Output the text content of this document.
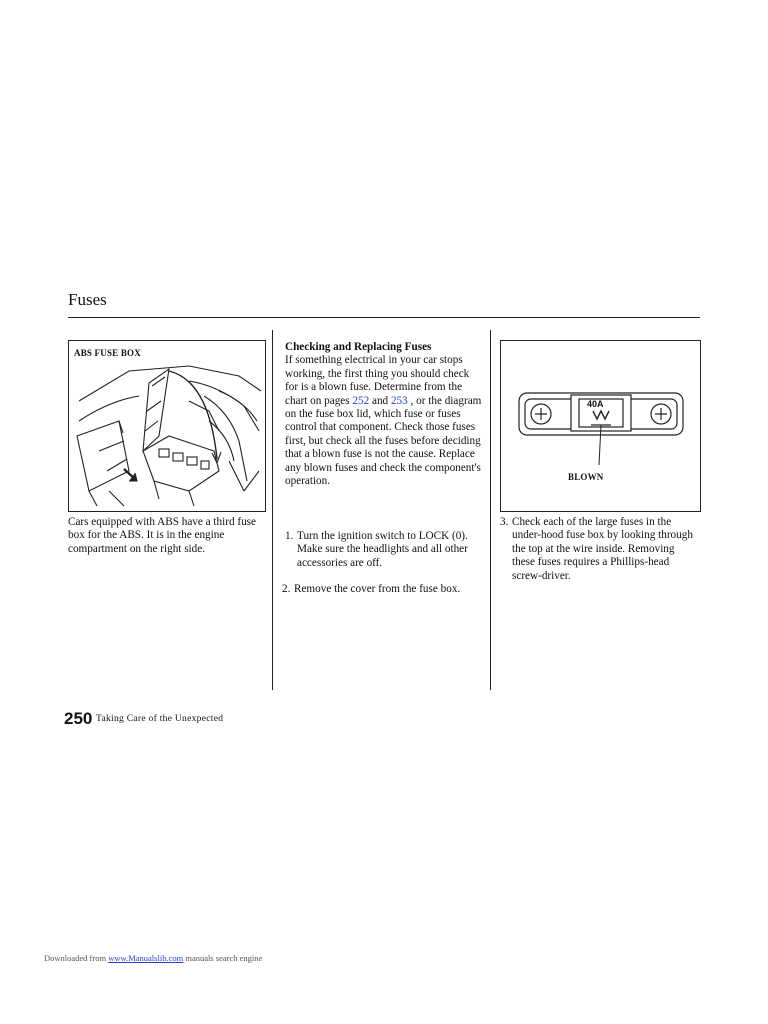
Fuses
ABS FUSE BOX
Cars equipped with ABS have a third fuse box for the ABS. It is in the engine compartment on the right side.
Checking and Replacing Fuses
If something electrical in your car stops working, the first thing you should check for is a blown fuse. Determine from the chart on pages 252 and 253 , or the diagram on the fuse box lid, which fuse or fuses control that component. Check those fuses first, but check all the fuses before deciding that a blown fuse is not the cause. Replace any blown fuses and check the component's operation.
1. Turn the ignition switch to LOCK (0). Make sure the headlights and all other accessories are off.
2. Remove the cover from the fuse box.
40A
BLOWN
3. Check each of the large fuses in the under-hood fuse box by looking through the top at the wire inside. Removing these fuses requires a Phillips-head screw-driver.
250 Taking Care of the Unexpected
Downloaded from www.Manualslib.com manuals search engine
